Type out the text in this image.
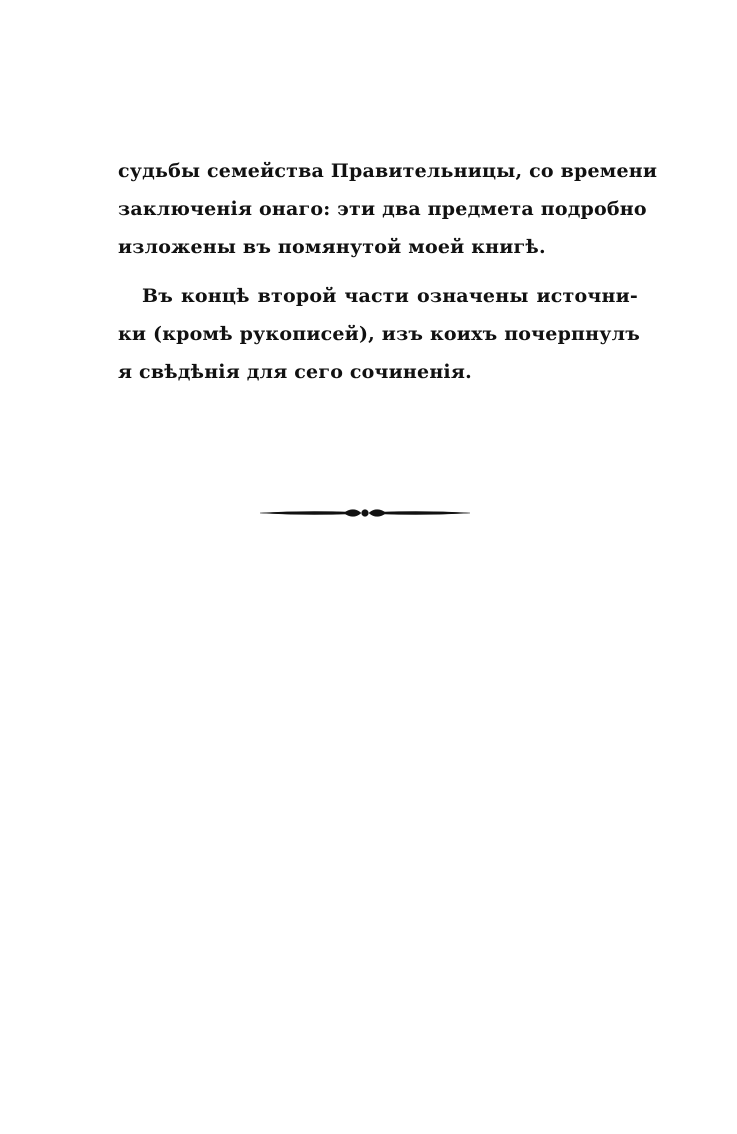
судьбы семейства Правительницы, со времени
заключенія онаго: эти два предмета подробно
изложены въ помянутой моей книгѣ.

Въ концѣ второй части означены источни-
ки (кромѣ рукописей), изъ коихъ почерпнулъ
я свѣдѣнія для сего сочиненія.
